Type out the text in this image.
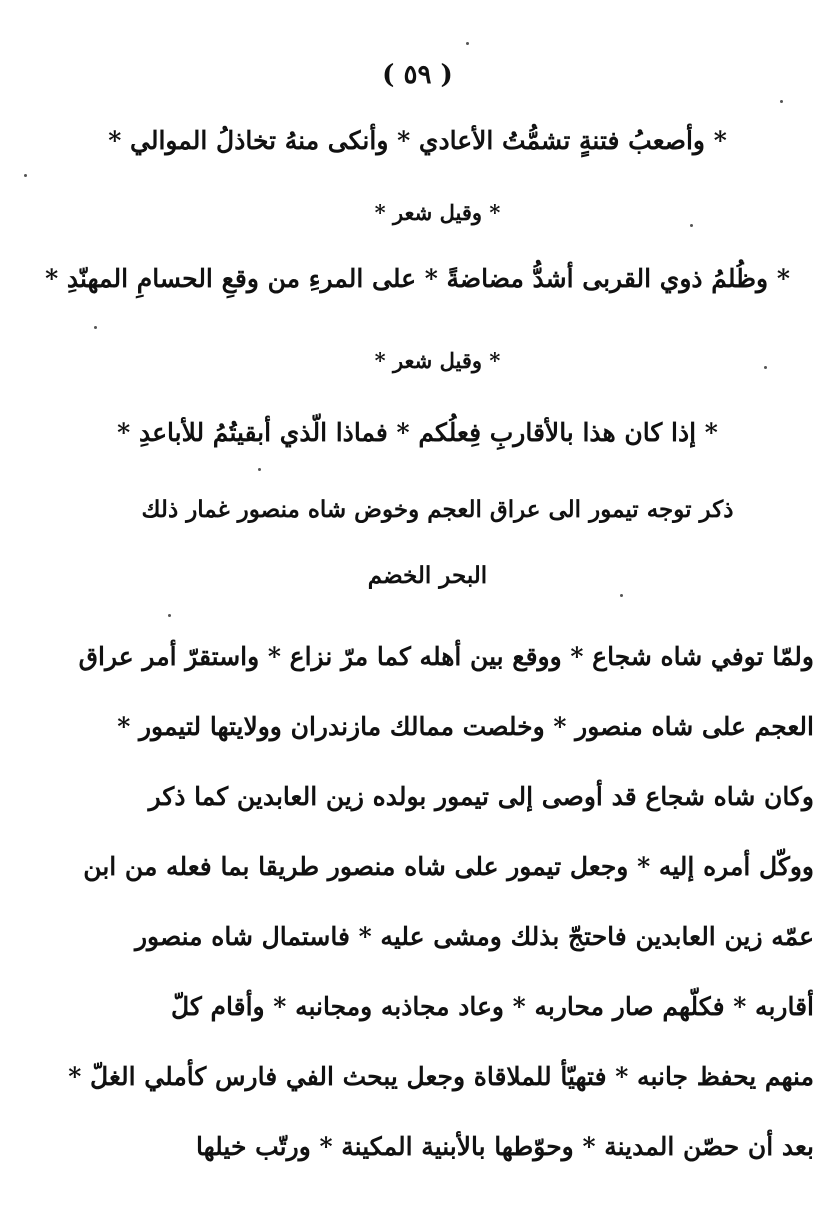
( ٥٩ )
* وأصعبُ فتنةٍ تشمُّتُ الأعادي * وأنكى منهُ تخاذلُ الموالي *
* وقيل شعر *
* وظُلمُ ذوي القربى أشدُّ مضاضةً * على المرءِ من وقعِ الحسامِ المهنّدِ *
* وقيل شعر *
* إذا كان هذا بالأقاربِ فِعلُكم * فماذا الّذي أبقيتُمُ للأباعدِ *
ذكر توجه تيمور الى عراق العجم وخوض شاه منصور غمار ذلك
البحر الخضم
ولمّا توفي شاه شجاع * ووقع بين أهله كما مرّ نزاع * واستقرّ أمر عراق
العجم على شاه منصور * وخلصت ممالك مازندران وولايتها لتيمور *
وكان شاه شجاع قد أوصى إلى تيمور بولده زين العابدين كما ذكر
ووكّل أمره إليه * وجعل تيمور على شاه منصور طريقا بما فعله من ابن
عمّه زين العابدين فاحتجّ بذلك ومشى عليه * فاستمال شاه منصور
أقاربه * فكلّهم صار محاربه * وعاد مجاذبه ومجانبه * وأقام كلّ
منهم يحفظ جانبه * فتهيّأ للملاقاة وجعل يبحث الفي فارس كأملي الغلّ *
بعد أن حصّن المدينة * وحوّطها بالأبنية المكينة * ورتّب خيلها
